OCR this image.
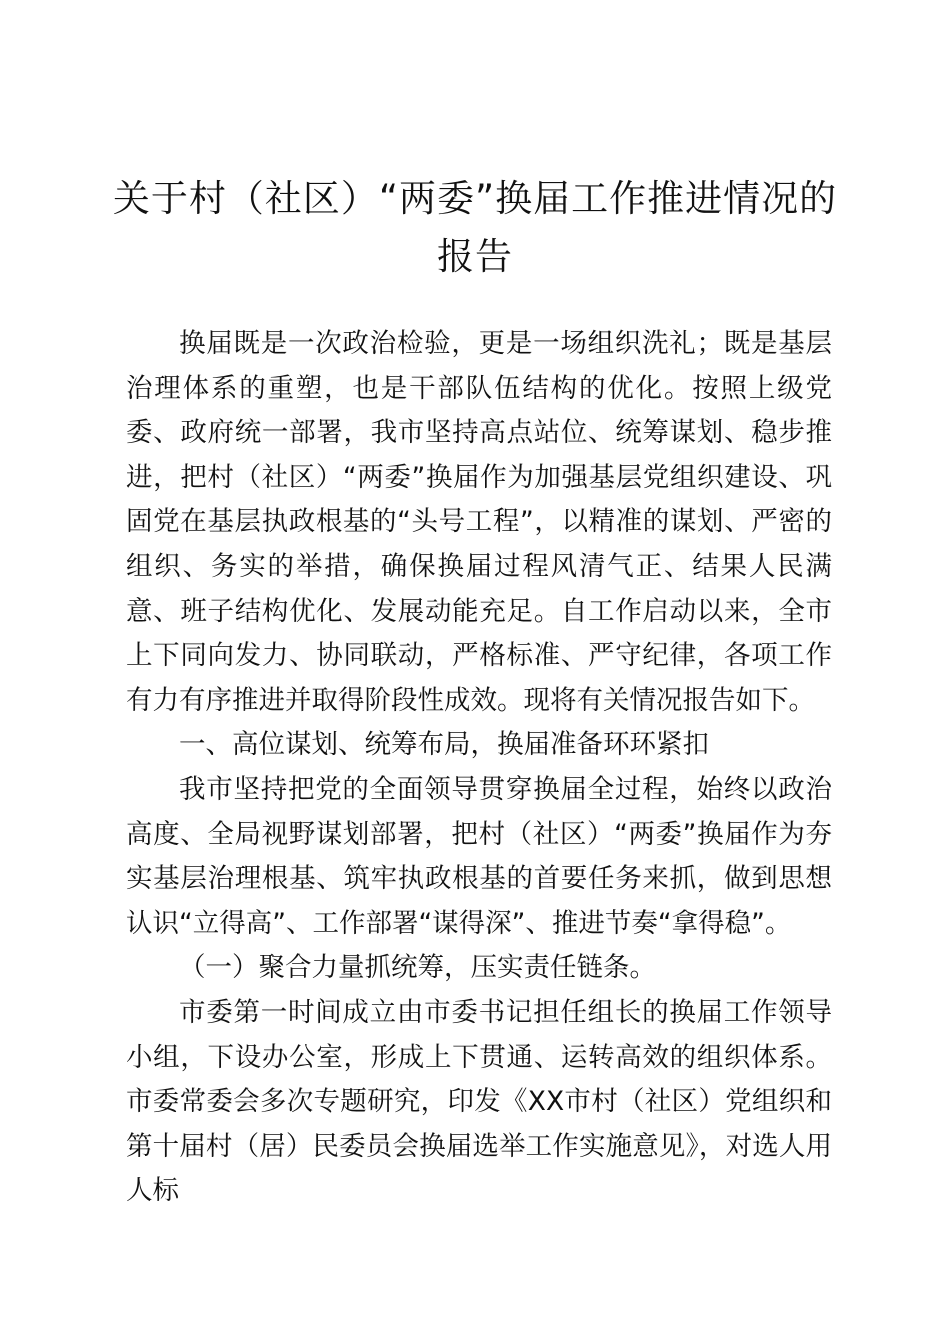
关于村（社区）“两委”换届工作推进情况的报告

换届既是一次政治检验，更是一场组织洗礼；既是基层治理体系的重塑，也是干部队伍结构的优化。按照上级党委、政府统一部署，我市坚持高点站位、统筹谋划、稳步推进，把村（社区）“两委”换届作为加强基层党组织建设、巩固党在基层执政根基的“头号工程”，以精准的谋划、严密的组织、务实的举措，确保换届过程风清气正、结果人民满意、班子结构优化、发展动能充足。自工作启动以来，全市上下同向发力、协同联动，严格标准、严守纪律，各项工作有力有序推进并取得阶段性成效。现将有关情况报告如下。

一、高位谋划、统筹布局，换届准备环环紧扣

我市坚持把党的全面领导贯穿换届全过程，始终以政治高度、全局视野谋划部署，把村（社区）“两委”换届作为夯实基层治理根基、筑牢执政根基的首要任务来抓，做到思想认识“立得高”、工作部署“谋得深”、推进节奏“拿得稳”。

（一）聚合力量抓统筹，压实责任链条。

市委第一时间成立由市委书记担任组长的换届工作领导小组，下设办公室，形成上下贯通、运转高效的组织体系。市委常委会多次专题研究，印发《XX市村（社区）党组织和第十届村（居）民委员会换届选举工作实施意见》，对选人用人标
